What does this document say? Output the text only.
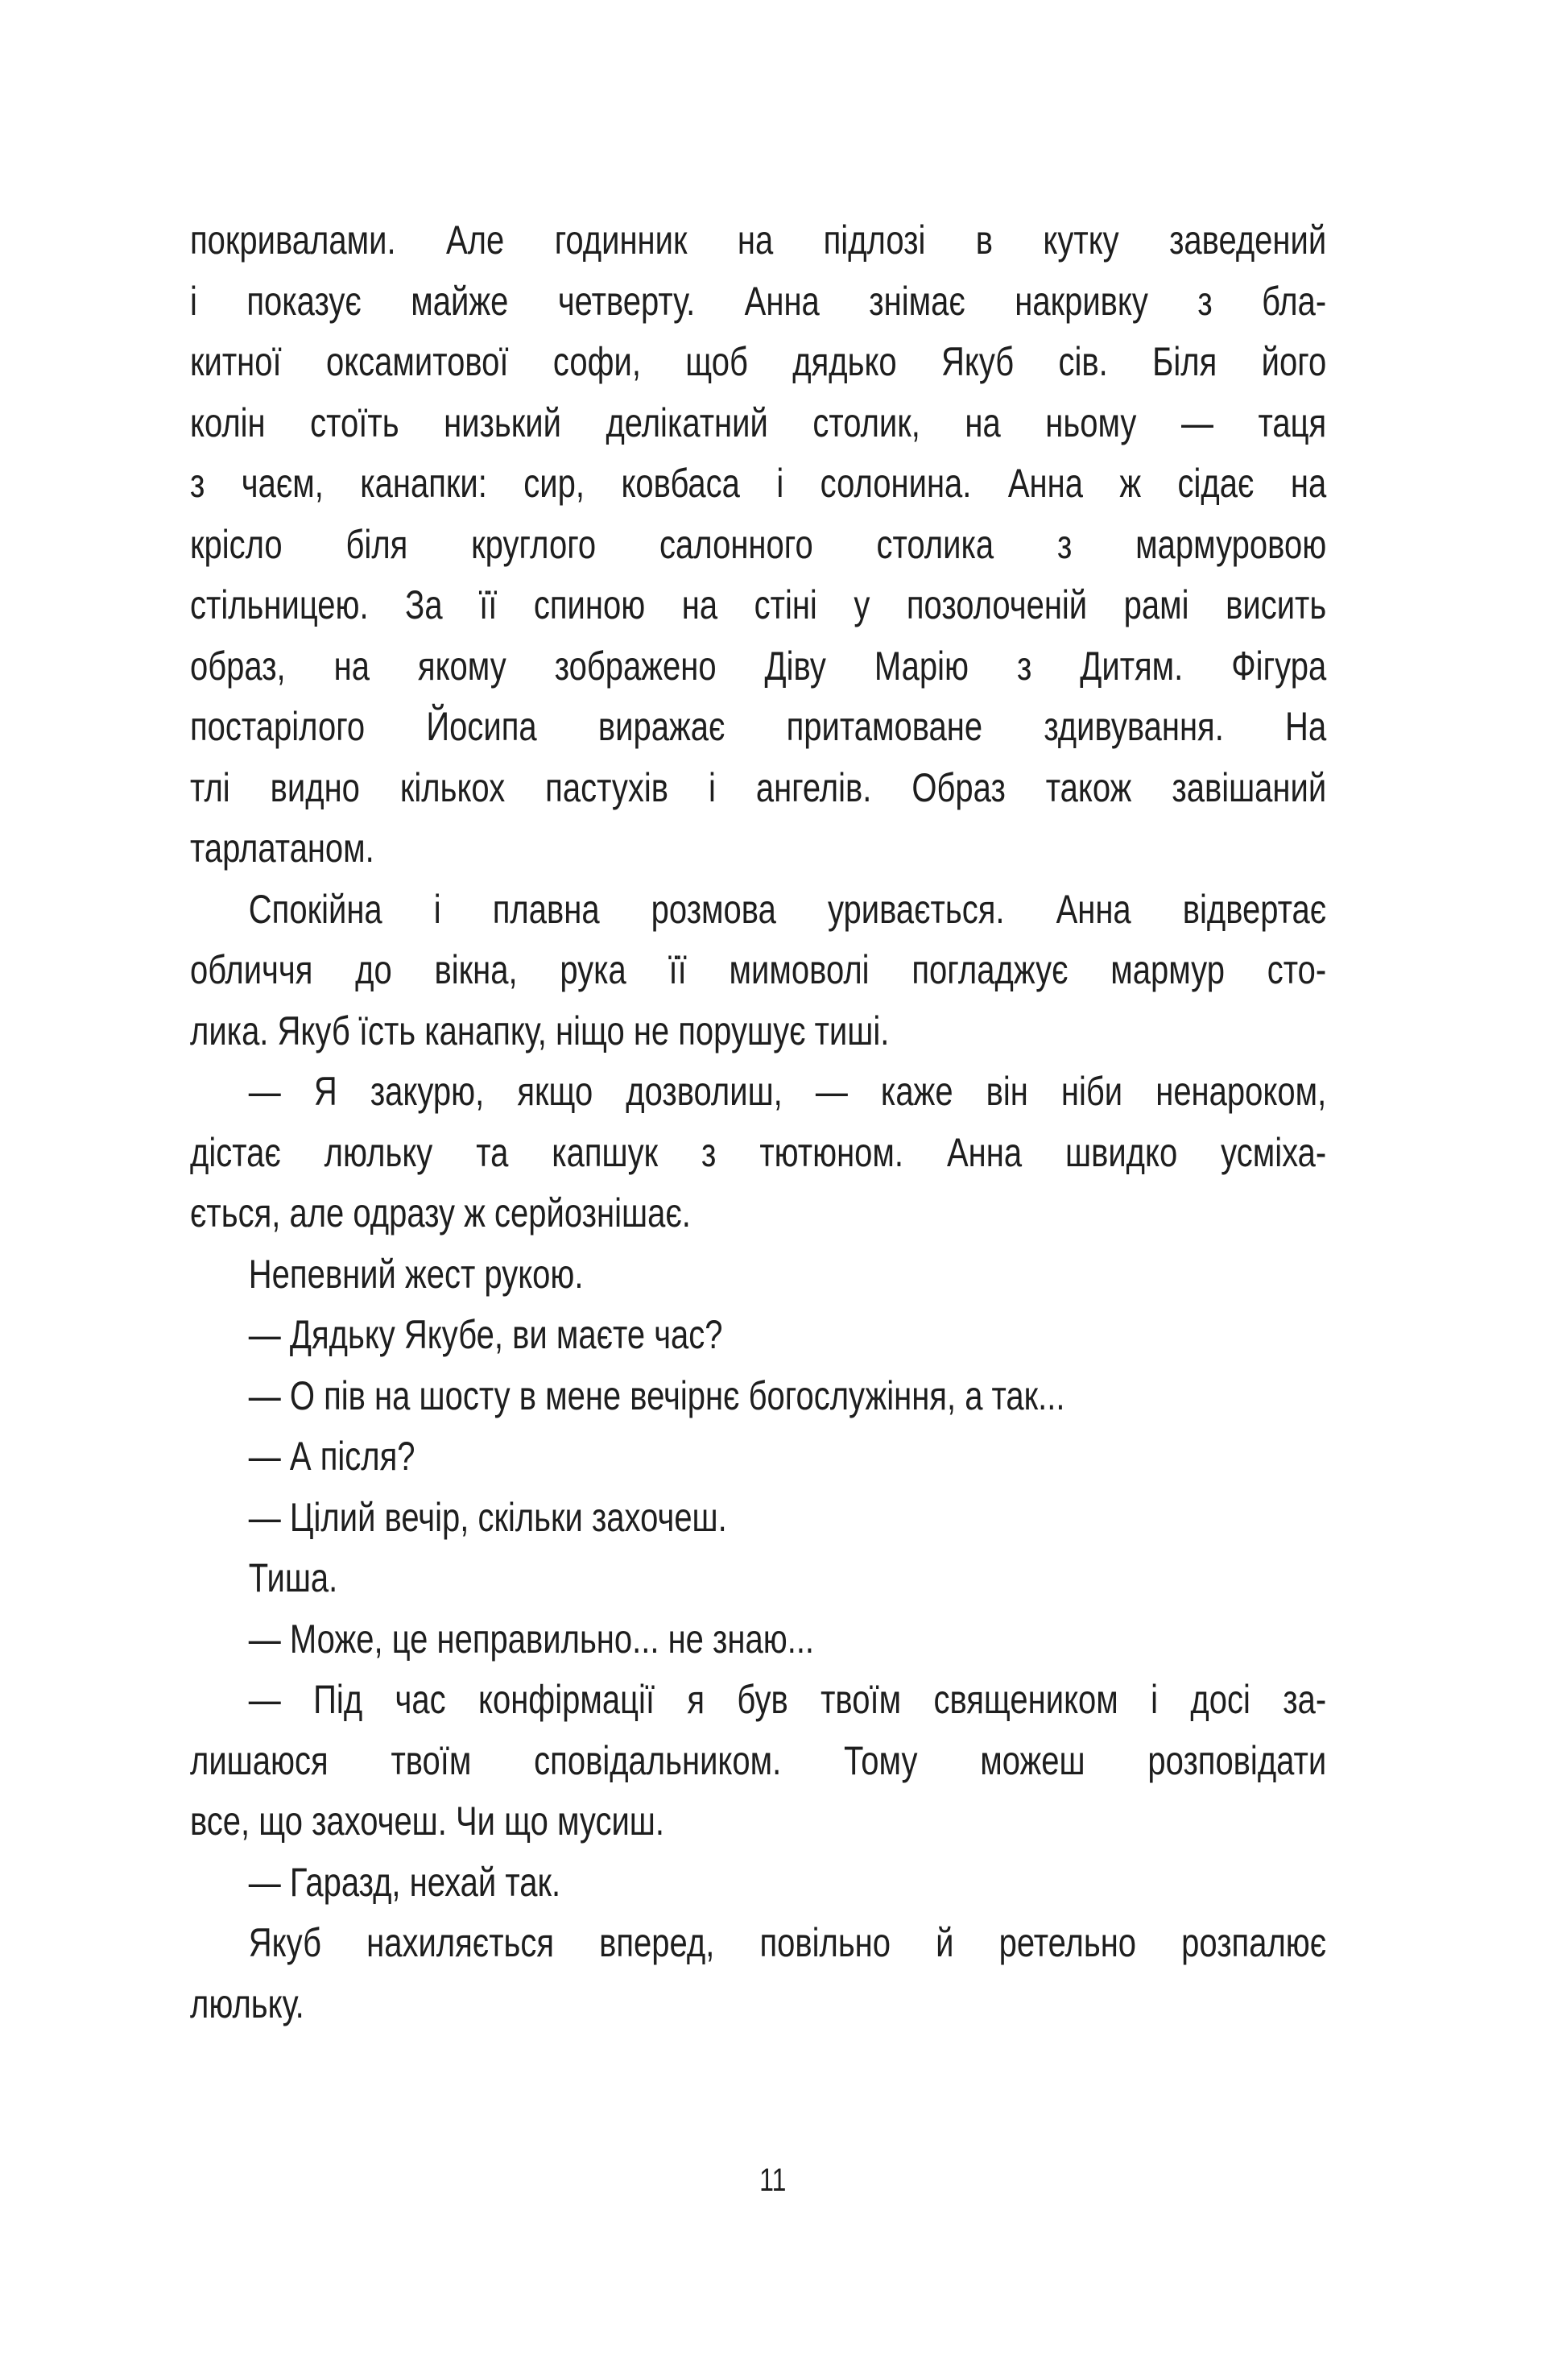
покривалами. Але годинник на підлозі в кутку заведений
і показує майже четверту. Анна знімає накривку з бла-
китної оксамитової софи, щоб дядько Якуб сів. Біля його
колін стоїть низький делікатний столик, на ньому — таця
з чаєм, канапки: сир, ковбаса і солонина. Анна ж сідає на
крісло біля круглого салонного столика з мармуровою
стільницею. За її спиною на стіні у позолоченій рамі висить
образ, на якому зображено Діву Марію з Дитям. Фігура
постарілого Йосипа виражає притамоване здивування. На
тлі видно кількох пастухів і ангелів. Образ також завішаний
тарлатаном.
Спокійна і плавна розмова уривається. Анна відвертає
обличчя до вікна, рука її мимоволі погладжує мармур сто-
лика. Якуб їсть канапку, ніщо не порушує тиші.
— Я закурю, якщо дозволиш, — каже він ніби ненароком,
дістає люльку та капшук з тютюном. Анна швидко усміха-
ється, але одразу ж серйознішає.
Непевний жест рукою.
— Дядьку Якубе, ви маєте час?
— О пів на шосту в мене вечірнє богослужіння, а так...
— А після?
— Цілий вечір, скільки захочеш.
Тиша.
— Може, це неправильно... не знаю...
— Під час конфірмації я був твоїм священиком і досі за-
лишаюся твоїм сповідальником. Тому можеш розповідати
все, що захочеш. Чи що мусиш.
— Гаразд, нехай так.
Якуб нахиляється вперед, повільно й ретельно розпалює
люльку.
11
